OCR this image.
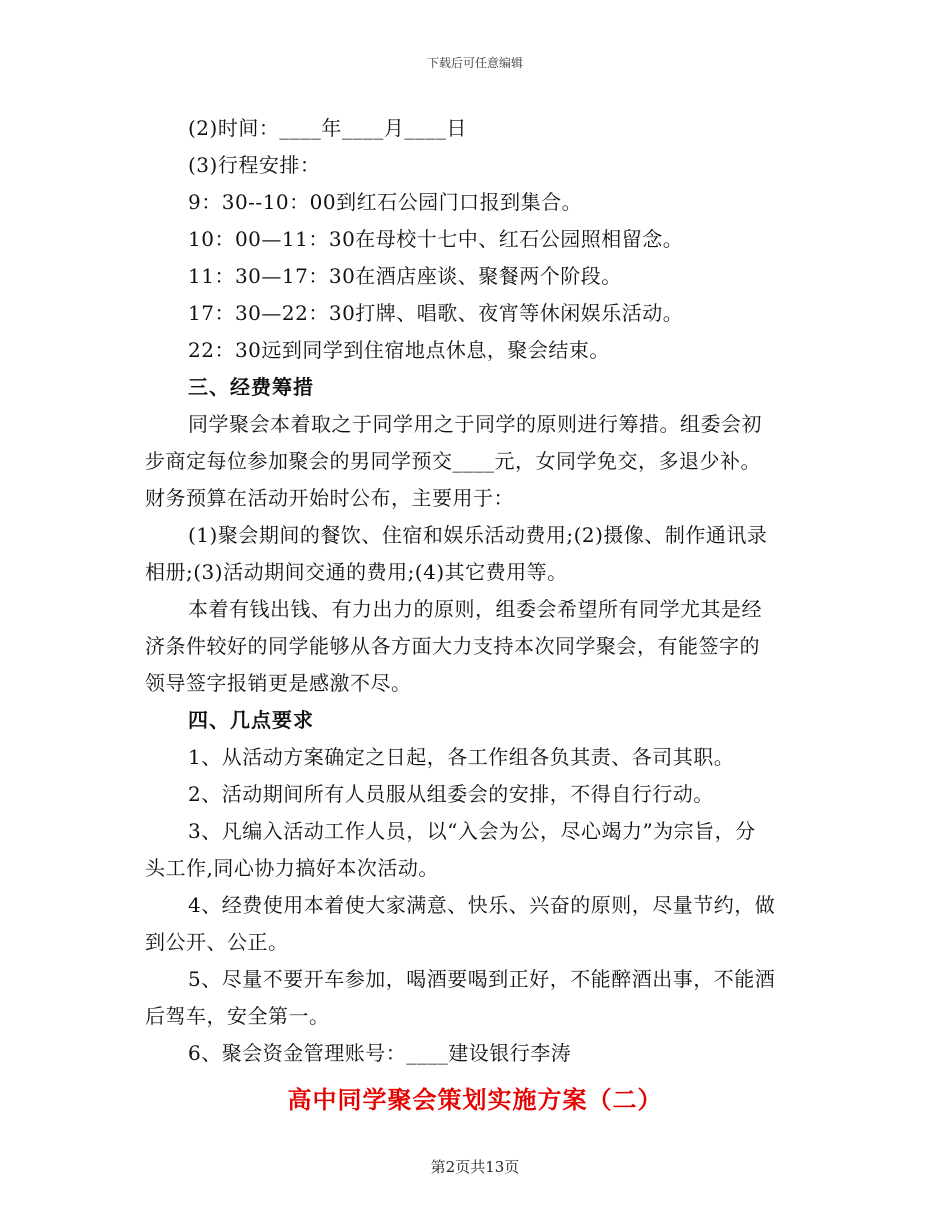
下载后可任意编辑
(2)时间：____年____月____日
(3)行程安排：
9：30--10：00到红石公园门口报到集合。
10：00—11：30在母校十七中、红石公园照相留念。
11：30—17：30在酒店座谈、聚餐两个阶段。
17：30—22：30打牌、唱歌、夜宵等休闲娱乐活动。
22：30远到同学到住宿地点休息，聚会结束。
三、经费筹措
同学聚会本着取之于同学用之于同学的原则进行筹措。组委会初
步商定每位参加聚会的男同学预交____元，女同学免交，多退少补。
财务预算在活动开始时公布，主要用于：
(1)聚会期间的餐饮、住宿和娱乐活动费用;(2)摄像、制作通讯录
相册;(3)活动期间交通的费用;(4)其它费用等。
本着有钱出钱、有力出力的原则，组委会希望所有同学尤其是经
济条件较好的同学能够从各方面大力支持本次同学聚会，有能签字的
领导签字报销更是感激不尽。
四、几点要求
1、从活动方案确定之日起，各工作组各负其责、各司其职。
2、活动期间所有人员服从组委会的安排，不得自行行动。
3、凡编入活动工作人员，以“入会为公，尽心竭力”为宗旨，分
头工作,同心协力搞好本次活动。
4、经费使用本着使大家满意、快乐、兴奋的原则，尽量节约，做
到公开、公正。
5、尽量不要开车参加，喝酒要喝到正好，不能醉酒出事，不能酒
后驾车，安全第一。
6、聚会资金管理账号：____建设银行李涛
高中同学聚会策划实施方案（二）
第2页共13页
